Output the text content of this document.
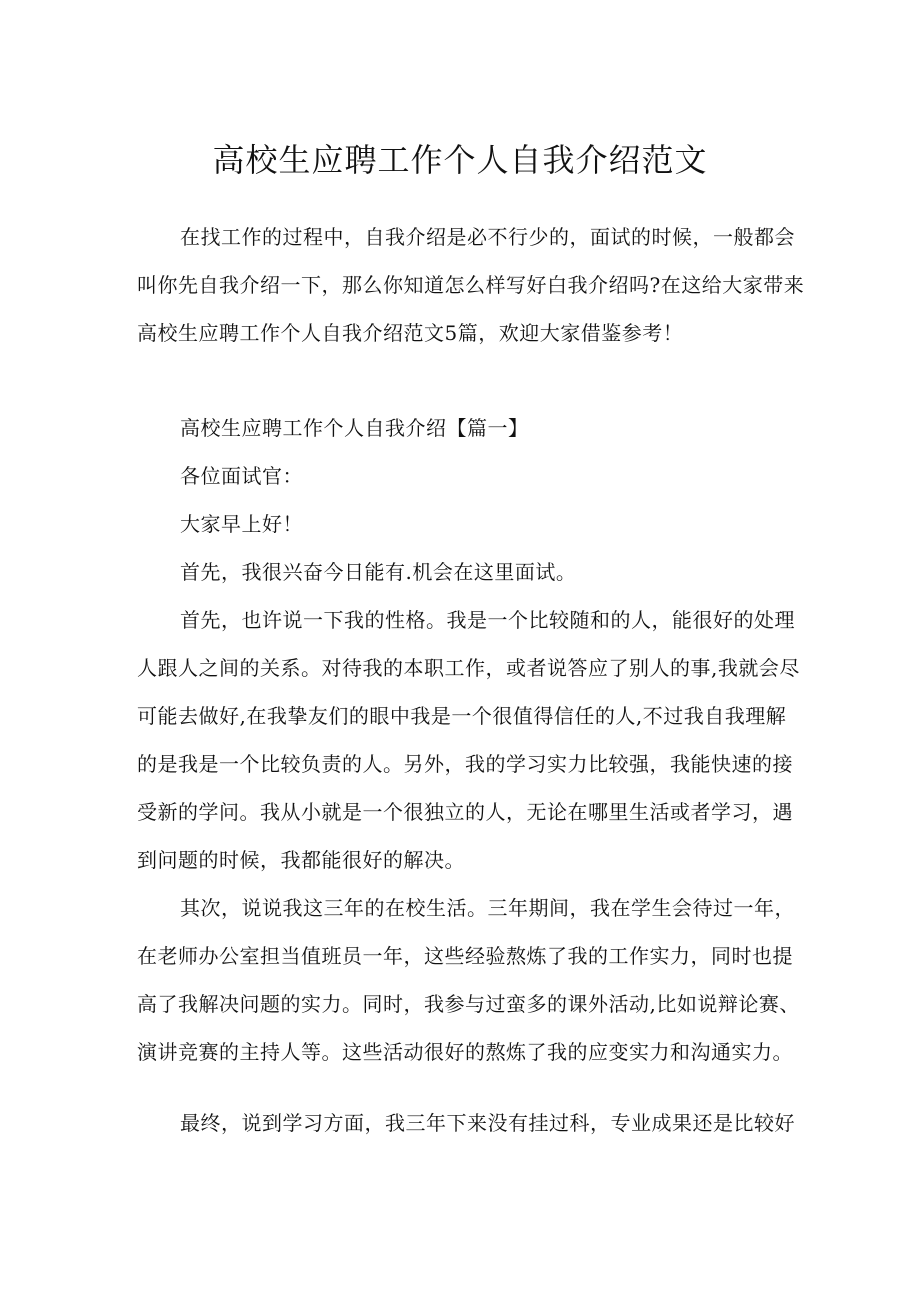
高校生应聘工作个人自我介绍范文

在找工作的过程中，自我介绍是必不行少的，面试的时候，一般都会

叫你先自我介绍一下，那么你知道怎么样写好白我介绍吗?在这给大家带来

高校生应聘工作个人自我介绍范文5篇，欢迎大家借鉴参考！

高校生应聘工作个人自我介绍【篇一】

各位面试官：

大家早上好！

首先，我很兴奋今日能有.机会在这里面试。

首先，也许说一下我的性格。我是一个比较随和的人，能很好的处理

人跟人之间的关系。对待我的本职工作，或者说答应了别人的事,我就会尽

可能去做好,在我挚友们的眼中我是一个很值得信任的人,不过我自我理解

的是我是一个比较负责的人。另外，我的学习实力比较强，我能快速的接

受新的学问。我从小就是一个很独立的人，无论在哪里生活或者学习，遇

到问题的时候，我都能很好的解决。

其次，说说我这三年的在校生活。三年期间，我在学生会待过一年，

在老师办公室担当值班员一年，这些经验熬炼了我的工作实力，同时也提

高了我解决问题的实力。同时，我参与过蛮多的课外活动,比如说辩论赛、

演讲竞赛的主持人等。这些活动很好的熬炼了我的应变实力和沟通实力。

最终，说到学习方面，我三年下来没有挂过科，专业成果还是比较好
